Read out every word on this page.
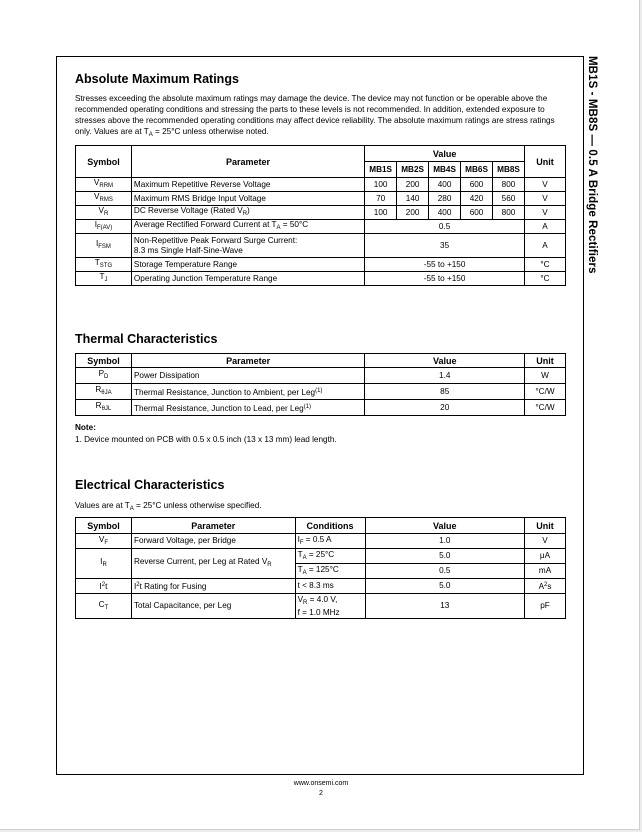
MB1S - MB8S — 0.5 A Bridge Rectifiers
Absolute Maximum Ratings
Stresses exceeding the absolute maximum ratings may damage the device. The device may not function or be operable above the recommended operating conditions and stressing the parts to these levels is not recommended. In addition, extended exposure to stresses above the recommended operating conditions may affect device reliability. The absolute maximum ratings are stress ratings only. Values are at $T_A = 25^\circ C$ unless otherwise noted.
Symbol	Parameter	Value					Unit
		MB1S	MB2S	MB4S	MB6S	MB8S	
$V_{RRM}$	Maximum Repetitive Reverse Voltage	100	200	400	600	800	V
$V_{RMS}$	Maximum RMS Bridge Input Voltage	70	140	280	420	560	V
$V_R$	DC Reverse Voltage (Rated $V_R$)	100	200	400	600	800	V
$I_{F(AV)}$	Average Rectified Forward Current at $T_A = 50^\circ C$	0.5					A
$I_{FSM}$	Non-Repetitive Peak Forward Surge Current:
8.3 ms Single Half-Sine-Wave	35					A
$T_{STG}$	Storage Temperature Range	-55 to +150					°C
$T_J$	Operating Junction Temperature Range	-55 to +150					°C
Thermal Characteristics
Symbol	Parameter	Value	Unit
$P_D$	Power Dissipation	1.4	W
$R_{\theta JA}$	Thermal Resistance, Junction to Ambient, per Leg$^{(1)}$	85	°C/W
$R_{\theta JL}$	Thermal Resistance, Junction to Lead, per Leg$^{(1)}$	20	°C/W
Note:
1. Device mounted on PCB with 0.5 x 0.5 inch (13 x 13 mm) lead length.
Electrical Characteristics
Values are at $T_A = 25^\circ C$ unless otherwise specified.
Symbol	Parameter	Conditions	Value	Unit
$V_F$	Forward Voltage, per Bridge	$I_F = 0.5$ A	1.0	V
$I_R$	Reverse Current, per Leg at Rated $V_R$	$T_A = 25^\circ C$	5.0	μA
		$T_A = 125^\circ C$	0.5	mA
$I^2t$	$I^2t$ Rating for Fusing	t < 8.3 ms	5.0	$A^2s$
$C_T$	Total Capacitance, per Leg	$V_R = 4.0$ V,
f = 1.0 MHz	13	pF
www.onsemi.com
2
